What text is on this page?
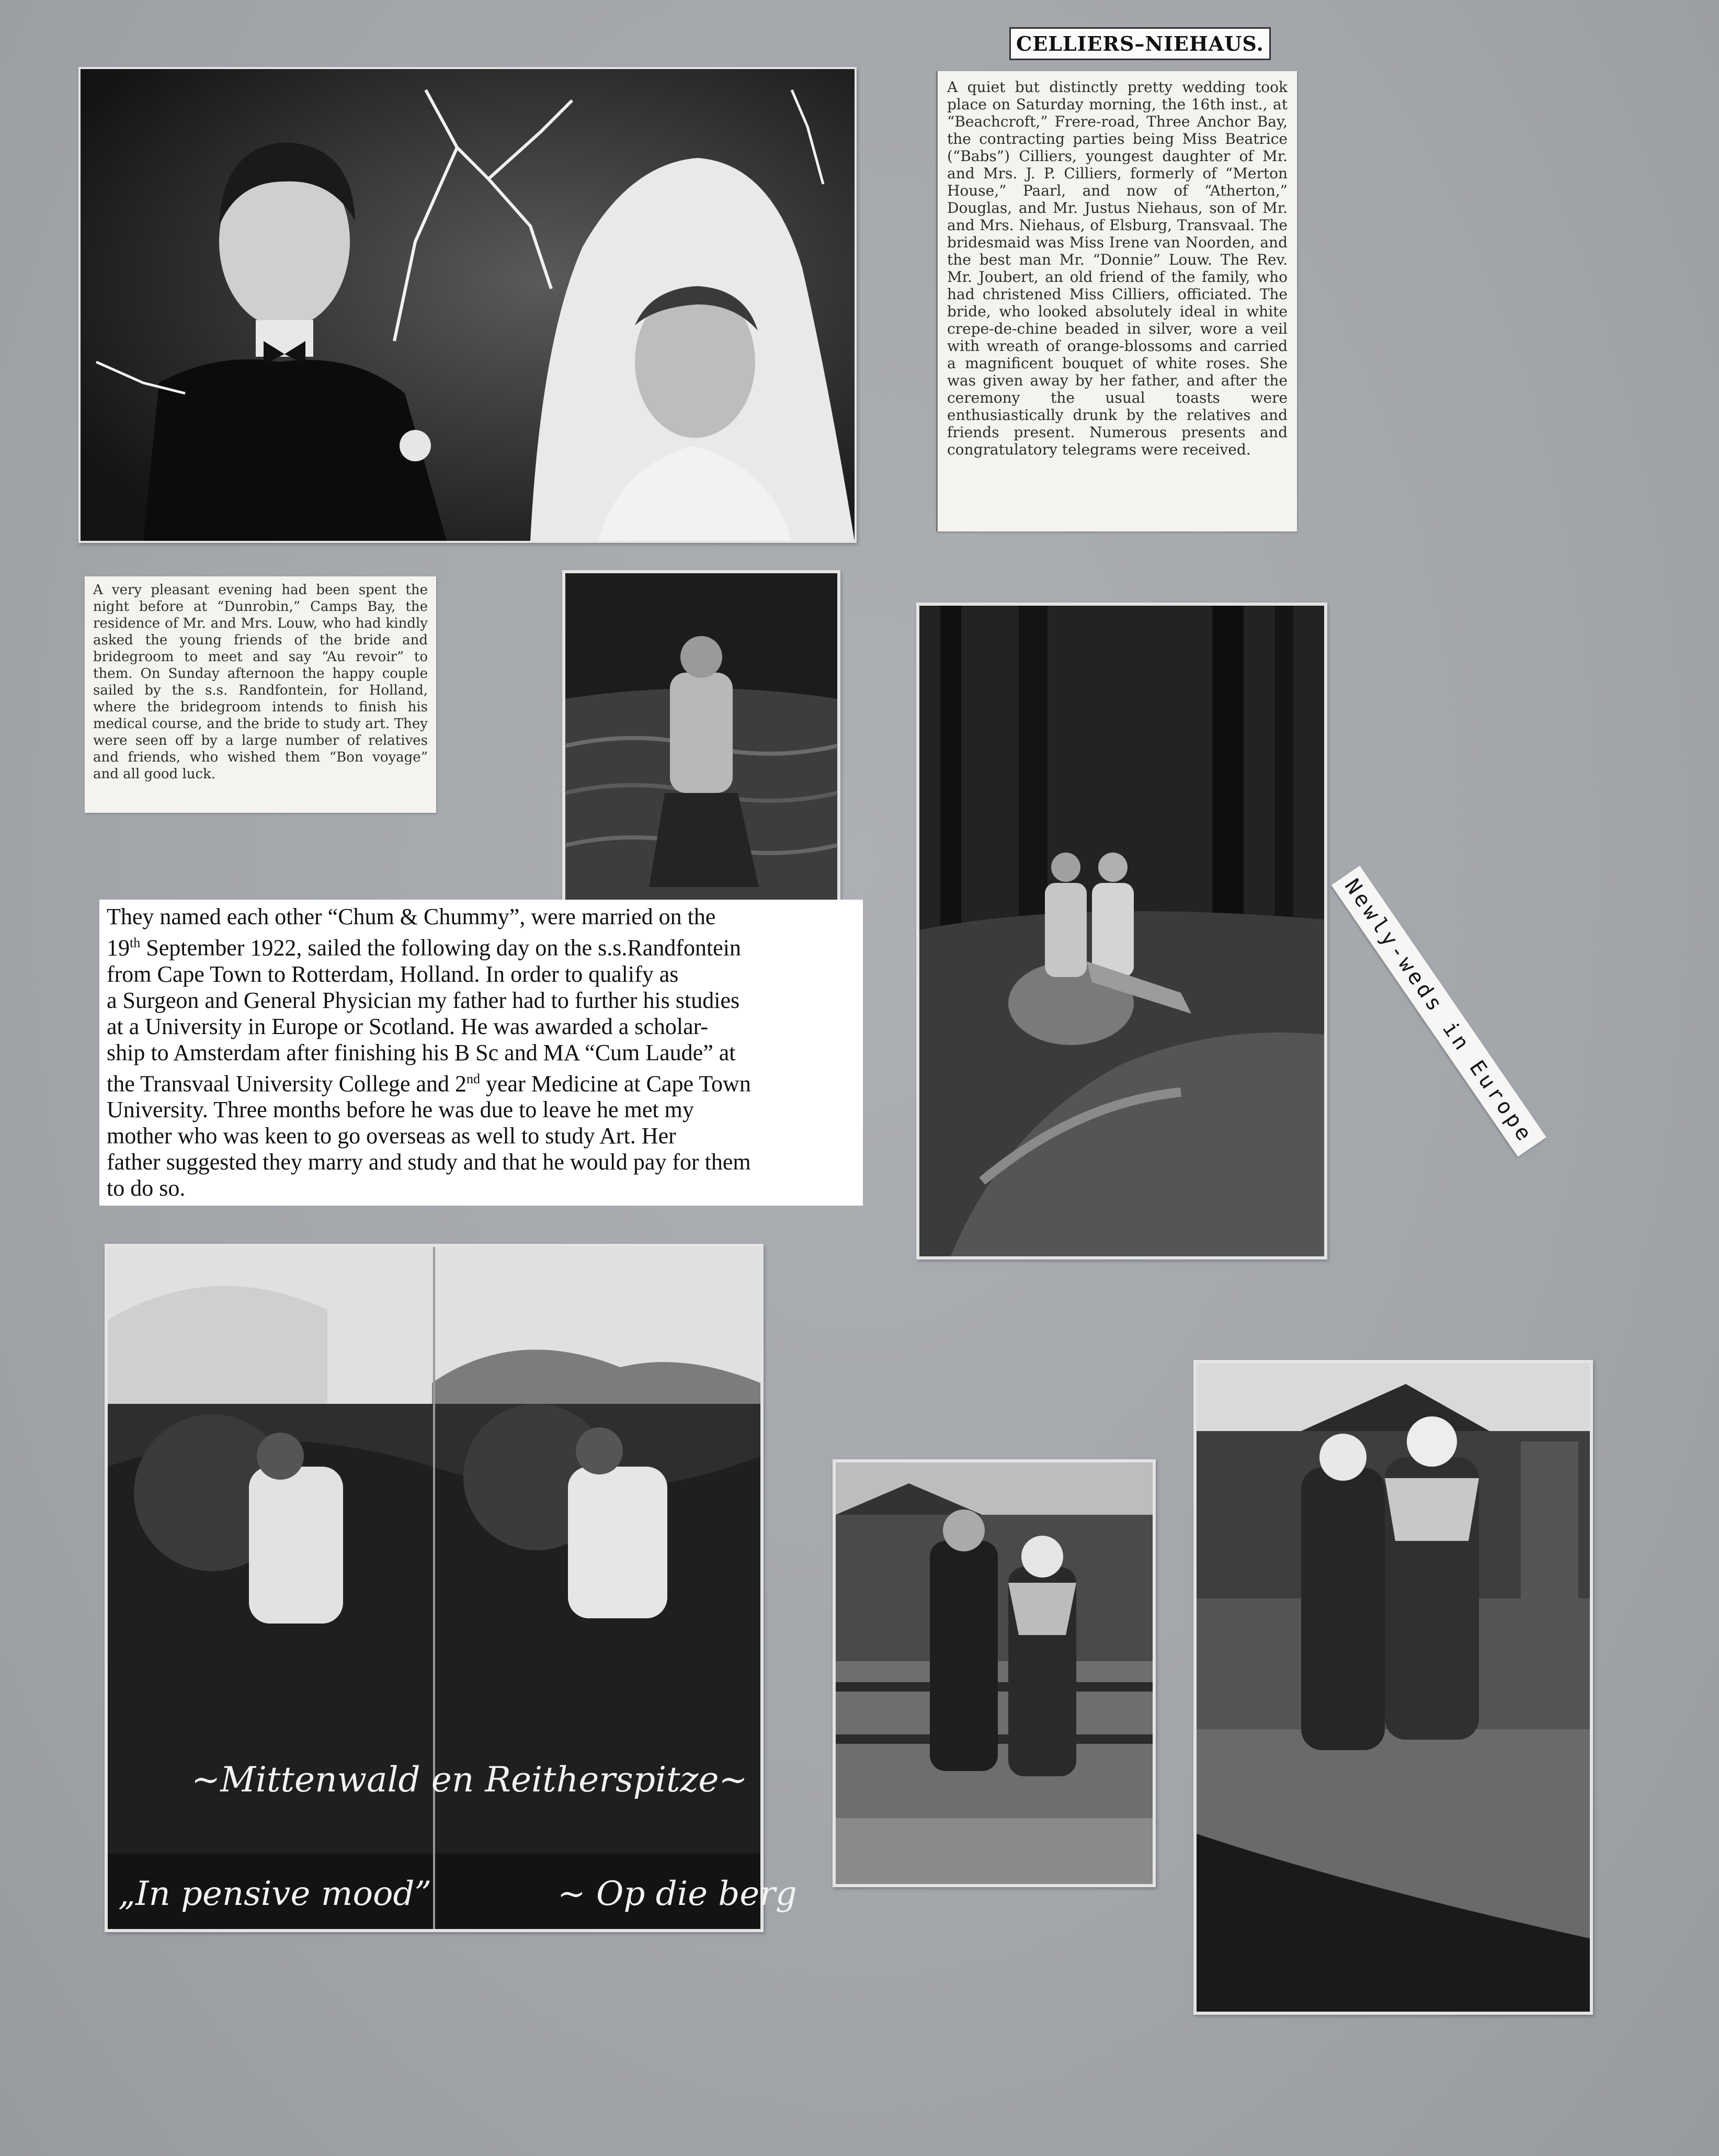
CELLIERS–NIEHAUS.

A quiet but distinctly pretty wedding took place on Saturday morning, the 16th inst., at “Beachcroft,” Frere-road, Three Anchor Bay, the contracting parties being Miss Beatrice (“Babs”) Cilliers, youngest daughter of Mr. and Mrs. J. P. Cilliers, formerly of “Merton House,” Paarl, and now of “Atherton,” Douglas, and Mr. Justus Niehaus, son of Mr. and Mrs. Niehaus, of Elsburg, Transvaal. The bridesmaid was Miss Irene van Noorden, and the best man Mr. “Donnie” Louw. The Rev. Mr. Joubert, an old friend of the family, who had christened Miss Cilliers, officiated. The bride, who looked absolutely ideal in white crepe-de-chine beaded in silver, wore a veil with wreath of orange-blossoms and carried a magnificent bouquet of white roses. She was given away by her father, and after the ceremony the usual toasts were enthusiastically drunk by the relatives and friends present. Numerous presents and congratulatory telegrams were received.

A very pleasant evening had been spent the night before at “Dunrobin,” Camps Bay, the residence of Mr. and Mrs. Louw, who had kindly asked the young friends of the bride and bridegroom to meet and say “Au revoir” to them. On Sunday afternoon the happy couple sailed by the s.s. Randfontein, for Holland, where the bridegroom intends to finish his medical course, and the bride to study art. They were seen off by a large number of relatives and friends, who wished them “Bon voyage” and all good luck.

Newly-weds in Europe

They named each other “Chum & Chummy”, were married on the

19th September 1922, sailed the following day on the s.s.Randfontein

from Cape Town to Rotterdam, Holland. In order to qualify as

a Surgeon and General Physician my father had to further his studies

at a University in Europe or Scotland. He was awarded a scholar-

ship to Amsterdam after finishing his B Sc and MA “Cum Laude” at

the Transvaal University College and 2nd year Medicine at Cape Town

University. Three months before he was due to leave he met my

mother who was keen to go overseas as well to study Art. Her

father suggested they marry and study and that he would pay for them

to do so.

~Mittenwald en Reitherspitze~
„In pensive mood”	~ Op die berg
